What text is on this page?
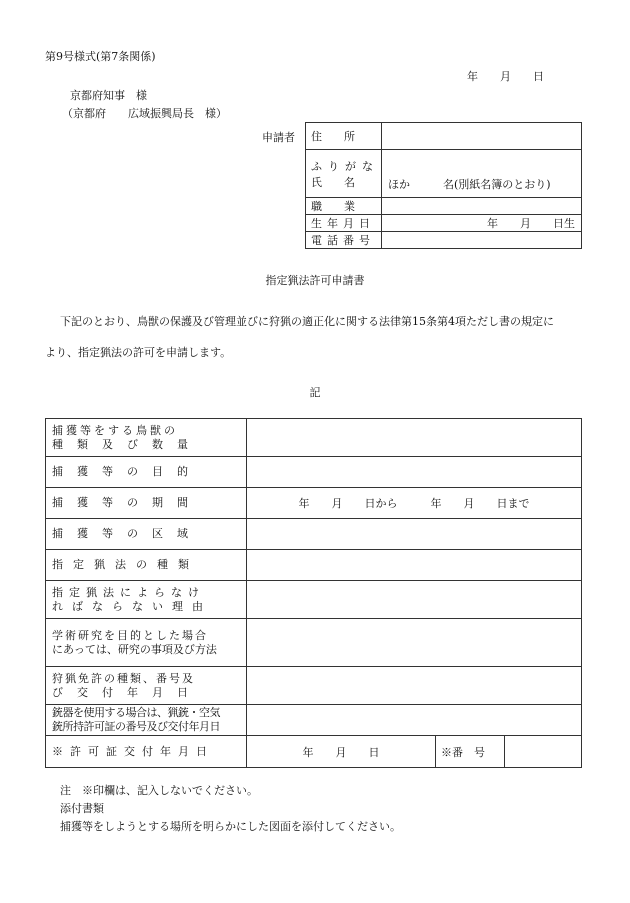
第9号様式(第7条関係)
年　　月　　日
京都府知事　様
（京都府　　広域振興局長　様）
申請者 住　　所	

ふりがな
氏　　名	ほか　　　名(別紙名簿のとおり)

職　　業	

生年月日	年　　月　　日生

電話番号	

指定猟法許可申請書
下記のとおり、鳥獣の保護及び管理並びに狩猟の適正化に関する法律第15条第4項ただし書の規定に
より、指定猟法の許可を申請します。
記
捕獲等をする鳥獣の
種類及び数量	

捕獲等の目的	

捕獲等の期間	年　　月　　日から　　　年　　月　　日まで

捕獲等の区域	

指定猟法の種類	

指定猟法によらなけ
ればならない理由	

学術研究を目的とした場合
にあっては、研究の事項及び方法	

狩猟免許の種類、番号及
び交付年月日	

銃器を使用する場合は、猟銃・空気
銃所持許可証の番号及び交付年月日	

※許可証交付年月日	年　　月　　日 ※番　号
注　※印欄は、記入しないでください。
添付書類
捕獲等をしようとする場所を明らかにした図面を添付してください。
